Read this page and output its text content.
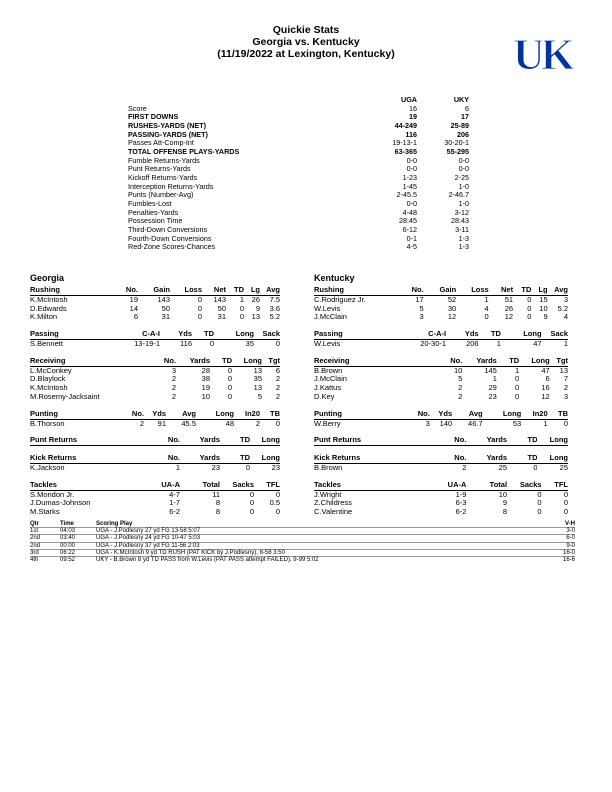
Quickie Stats
Georgia vs. Kentucky
(11/19/2022 at Lexington, Kentucky)	UK
	UGA	UKY
Score	16	6
FIRST DOWNS	19	17
RUSHES-YARDS (NET)	44-249	25-89
PASSING-YARDS (NET)	116	206
Passes Att-Comp-Int	19-13-1	30-20-1
TOTAL OFFENSE PLAYS-YARDS	63-365	55-295
Fumble Returns-Yards	0-0	0-0
Punt Returns-Yards	0-0	0-0
Kickoff Returns-Yards	1-23	2-25
Interception Returns-Yards	1-45	1-0
Punts (Number-Avg)	2-45.5	2-46.7
Fumbles-Lost	0-0	1-0
Penalties-Yards	4-48	3-12
Possession Time	28:45	28:43
Third-Down Conversions	6-12	3-11
Fourth-Down Conversions	0-1	1-3
Red-Zone Scores-Chances	4-5	1-3
Georgia
Rushing	No.	Gain	Loss	Net	TD	Lg	Avg
K.McIntosh	19	143	0	143	1	26	7.5
D.Edwards	14	50	0	50	0	9	3.6
K.Milton	6	31	0	31	0	13	5.2
Passing	C-A-I	Yds	TD	Long	Sack
S.Bennett	13-19-1	116	0	35	0
Receiving	No.	Yards	TD	Long	Tgt
L.McConkey	3	28	0	13	6
D.Blaylock	2	38	0	35	2
K.McIntosh	2	19	0	13	2
M.Rosemy-Jacksaint	2	10	0	5	2
Punting	No.	Yds	Avg	Long	In20	TB
B.Thorson	2	91	45.5	48	2	0
Punt Returns	No.	Yards	TD	Long
Kick Returns	No.	Yards	TD	Long
K.Jackson	1	23	0	23
Tackles	UA-A	Total	Sacks	TFL
S.Mondon Jr.	4-7	11	0	0
J.Dumas-Johnson	1-7	8	0	0.5
M.Starks	6-2	8	0	0
Kentucky
Rushing	No.	Gain	Loss	Net	TD	Lg	Avg
C.Rodriguez Jr.	17	52	1	51	0	15	3
W.Levis	5	30	4	26	0	10	5.2
J.McClain	3	12	0	12	0	9	4
Passing	C-A-I	Yds	TD	Long	Sack
W.Levis	20-30-1	206	1	47	1
Receiving	No.	Yards	TD	Long	Tgt
B.Brown	10	145	1	47	13
J.McClain	5	1	0	6	7
J.Kattus	2	29	0	16	2
D.Key	2	23	0	12	3
Punting	No.	Yds	Avg	Long	In20	TB
W.Berry	3	140	46.7	53	1	0
Punt Returns	No.	Yards	TD	Long
Kick Returns	No.	Yards	TD	Long
B.Brown	2	25	0	25
Tackles	UA-A	Total	Sacks	TFL
J.Wright	1-9	10	0	0
Z.Childress	6-3	9	0	0
C.Valentine	6-2	8	0	0
Qtr	Time	Scoring Play	V-H
1st	04:03	UGA - J.Podlesny 27 yd FG 13-58 5:07	3-0
2nd	03:40	UGA - J.Podlesny 24 yd FG 10-47 5:03	6-0
2nd	00:00	UGA - J.Podlesny 37 yd FG 11-56 2:03	9-0
3rd	06:22	UGA - K.McIntosh 9 yd TD RUSH (PAT KICK by J.Podlesny), 8-58 3:50	16-0
4th	09:52	UKY - B.Brown 8 yd TD PASS from W.Levis (PAT PASS attempt FAILED), 9-99 5:02	16-6
